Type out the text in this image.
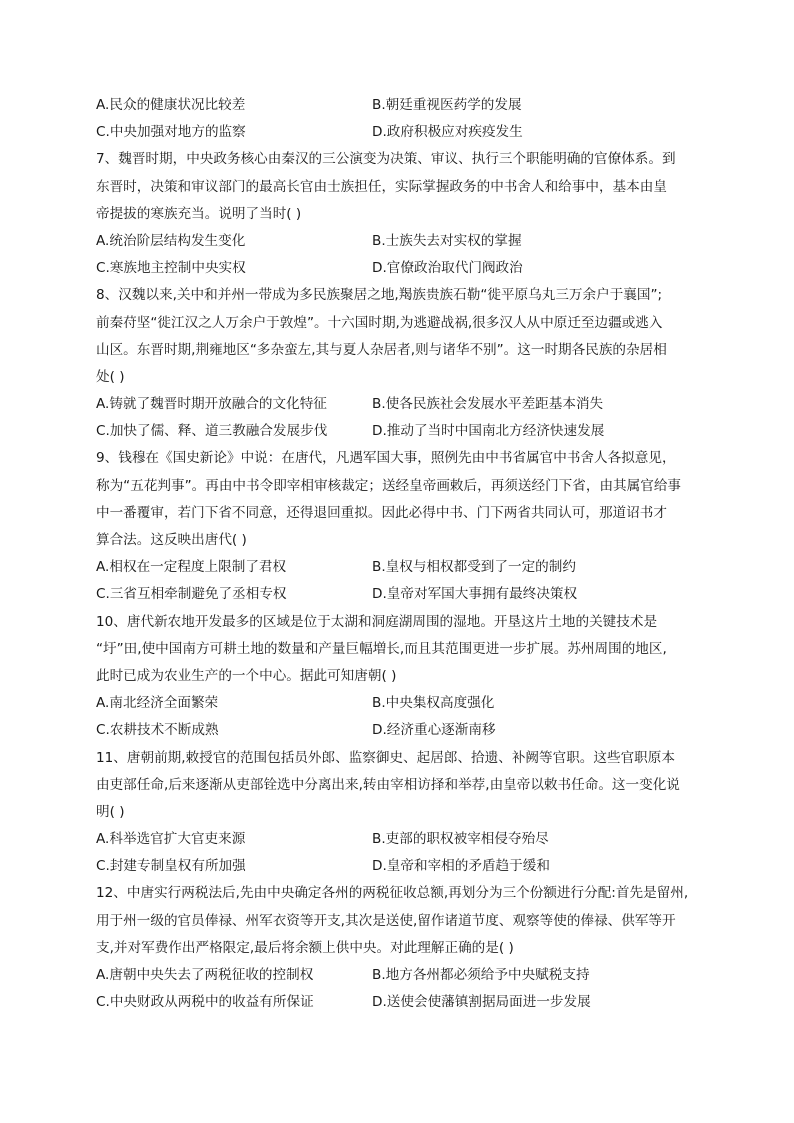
A.民众的健康状况比较差	B.朝廷重视医药学的发展
C.中央加强对地方的监察	D.政府积极应对疾疫发生
7、魏晋时期，中央政务核心由秦汉的三公演变为决策、审议、执行三个职能明确的官僚体系。到
东晋时，决策和审议部门的最高长官由士族担任，实际掌握政务的中书舍人和给事中，基本由皇
帝提拔的寒族充当。说明了当时( )
A.统治阶层结构发生变化	B.士族失去对实权的掌握
C.寒族地主控制中央实权	D.官僚政治取代门阀政治
8、汉魏以来,关中和并州一带成为多民族聚居之地,羯族贵族石勒“徙平原乌丸三万余户于襄国”;
前秦苻坚“徙江汉之人万余户于敦煌”。十六国时期,为逃避战祸,很多汉人从中原迁至边疆或逃入
山区。东晋时期,荆雍地区“多杂蛮左,其与夏人杂居者,则与诸华不别”。这一时期各民族的杂居相
处( )
A.铸就了魏晋时期开放融合的文化特征	B.使各民族社会发展水平差距基本消失
C.加快了儒、释、道三教融合发展步伐	D.推动了当时中国南北方经济快速发展
9、钱穆在《国史新论》中说：在唐代，凡遇军国大事，照例先由中书省属官中书舍人各拟意见，
称为“五花判事”。再由中书令即宰相审核裁定；送经皇帝画敕后，再须送经门下省，由其属官给事
中一番覆审，若门下省不同意，还得退回重拟。因此必得中书、门下两省共同认可，那道诏书才
算合法。这反映出唐代( )
A.相权在一定程度上限制了君权	B.皇权与相权都受到了一定的制约
C.三省互相牵制避免了丞相专权	D.皇帝对军国大事拥有最终决策权
10、唐代新农地开发最多的区域是位于太湖和洞庭湖周围的湿地。开垦这片土地的关键技术是
“圩”田,使中国南方可耕土地的数量和产量巨幅増长,而且其范围更进一步扩展。苏州周围的地区,
此时已成为农业生产的一个中心。据此可知唐朝( )
A.南北经济全面繁荣	B.中央集权高度强化
C.农耕技术不断成熟	D.经济重心逐渐南移
11、唐朝前期,敕授官的范围包括员外郎、监察御史、起居郎、拾遗、补阙等官职。这些官职原本
由吏部任命,后来逐渐从吏部铨选中分离出来,转由宰相访择和举荐,由皇帝以敕书任命。这一变化说
明( )
A.科举选官扩大官吏来源	B.吏部的职权被宰相侵夺殆尽
C.封建专制皇权有所加强	D.皇帝和宰相的矛盾趋于缓和
12、中唐实行两税法后,先由中央确定各州的两税征收总额,再划分为三个份额进行分配:首先是留州,
用于州一级的官员俸禄、州军衣资等开支,其次是送使,留作诸道节度、观察等使的俸禄、供军等开
支,并对军费作出严格限定,最后将余额上供中央。对此理解正确的是( )
A.唐朝中央失去了两税征收的控制权	B.地方各州都必须给予中央赋税支持
C.中央财政从两税中的收益有所保证	D.送使会使藩镇割据局面进一步发展
